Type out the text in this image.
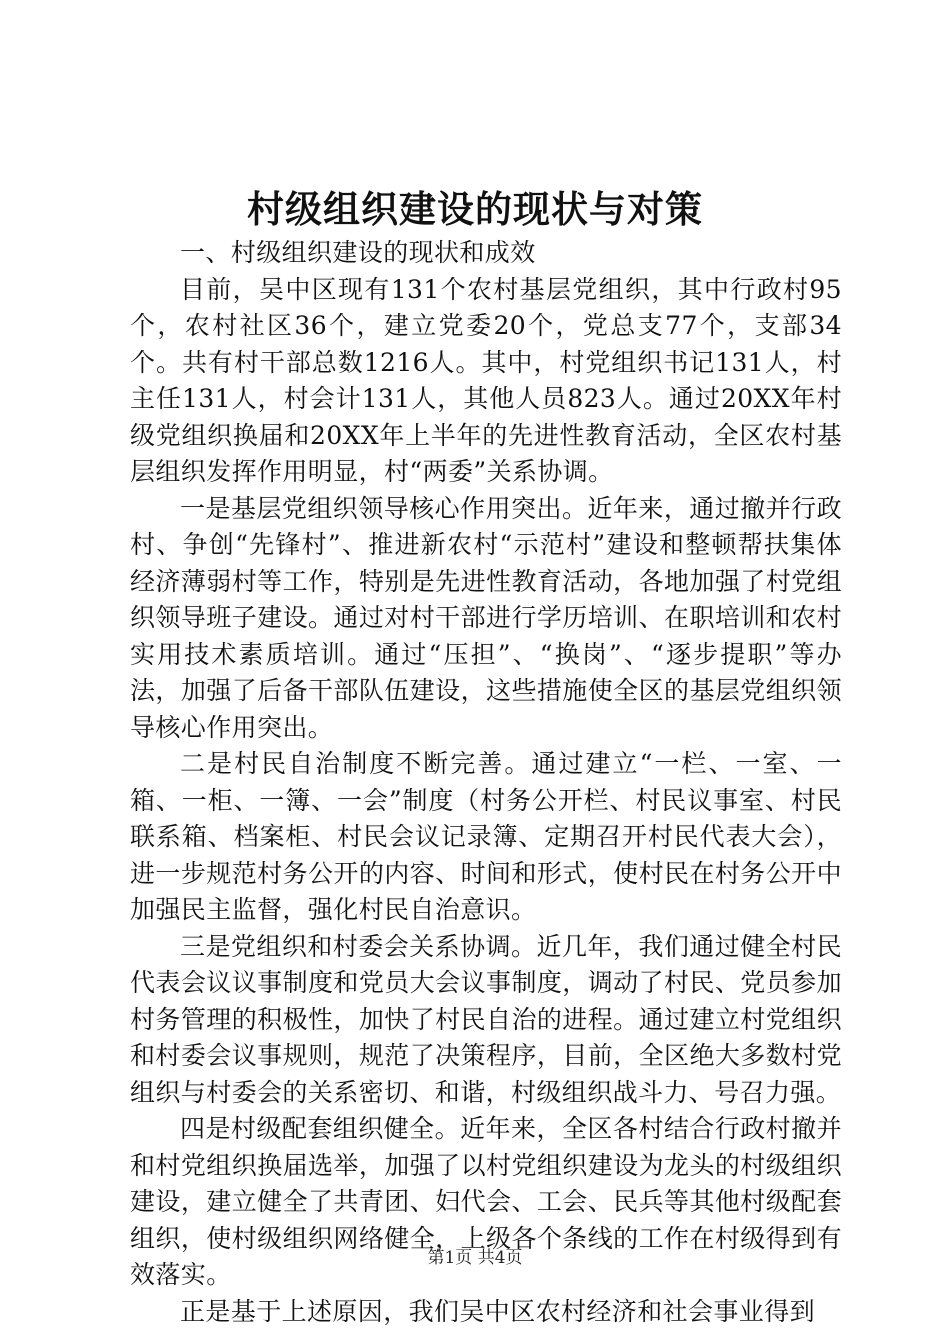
村级组织建设的现状与对策

一、村级组织建设的现状和成效

目前，吴中区现有131个农村基层党组织，其中行政村95个，农村社区36个，建立党委20个，党总支77个，支部34个。共有村干部总数1216人。其中，村党组织书记131人，村主任131人，村会计131人，其他人员823人。通过20XX年村级党组织换届和20XX年上半年的先进性教育活动，全区农村基层组织发挥作用明显，村“两委”关系协调。

一是基层党组织领导核心作用突出。近年来，通过撤并行政村、争创“先锋村”、推进新农村“示范村”建设和整顿帮扶集体经济薄弱村等工作，特别是先进性教育活动，各地加强了村党组织领导班子建设。通过对村干部进行学历培训、在职培训和农村实用技术素质培训。通过“压担”、“换岗”、“逐步提职”等办法，加强了后备干部队伍建设，这些措施使全区的基层党组织领导核心作用突出。

二是村民自治制度不断完善。通过建立“一栏、一室、一箱、一柜、一簿、一会”制度（村务公开栏、村民议事室、村民联系箱、档案柜、村民会议记录簿、定期召开村民代表大会），进一步规范村务公开的内容、时间和形式，使村民在村务公开中加强民主监督，强化村民自治意识。

三是党组织和村委会关系协调。近几年，我们通过健全村民代表会议议事制度和党员大会议事制度，调动了村民、党员参加村务管理的积极性，加快了村民自治的进程。通过建立村党组织和村委会议事规则，规范了决策程序，目前，全区绝大多数村党组织与村委会的关系密切、和谐，村级组织战斗力、号召力强。

四是村级配套组织健全。近年来，全区各村结合行政村撤并和村党组织换届选举，加强了以村党组织建设为龙头的村级组织建设，建立健全了共青团、妇代会、工会、民兵等其他村级配套组织，使村级组织网络健全，上级各个条线的工作在村级得到有效落实。

正是基于上述原因，我们吴中区农村经济和社会事业得到

第1页 共4页
